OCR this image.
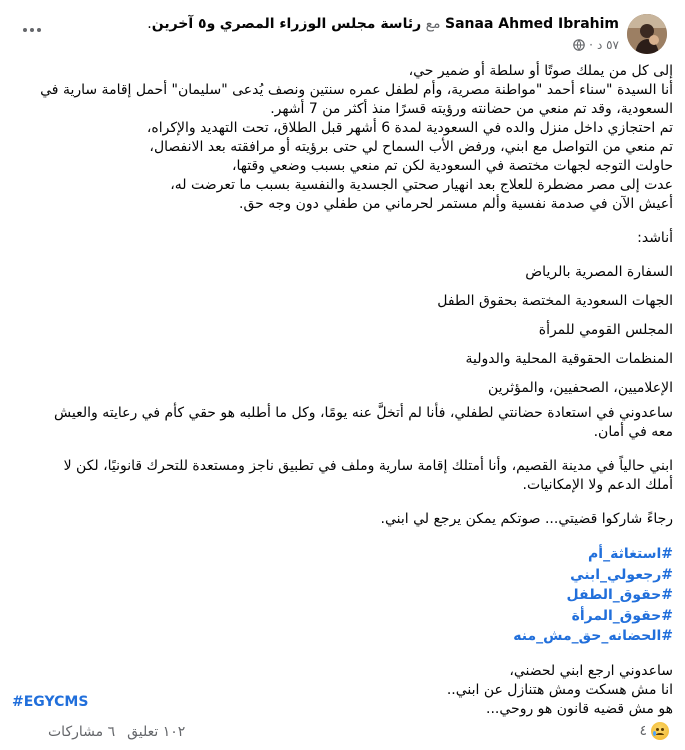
Sanaa Ahmed Ibrahim مع رئاسة مجلس الوزراء المصري و٥ آخرين.
٥٧ د
·
إلى كل من يملك صوتًا أو سلطة أو ضمير حي،
أنا السيدة "سناء أحمد "مواطنة مصرية، وأم لطفل عمره سنتين ونصف يُدعى "سليمان" أحمل إقامة سارية في
السعودية، وقد تم منعي من حضانته ورؤيته قسرًا منذ أكثر من 7 أشهر.
تم احتجازي داخل منزل والده في السعودية لمدة 6 أشهر قبل الطلاق، تحت التهديد والإكراه،
تم منعي من التواصل مع ابني، ورفض الأب السماح لي حتى برؤيته أو مرافقته بعد الانفصال،
حاولت التوجه لجهات مختصة في السعودية لكن تم منعي بسبب وضعي وقتها،
عدت إلى مصر مضطرة للعلاج بعد انهيار صحتي الجسدية والنفسية بسبب ما تعرضت له،
أعيش الآن في صدمة نفسية وألم مستمر لحرماني من طفلي دون وجه حق.
أناشد:
السفارة المصرية بالرياض
الجهات السعودية المختصة بحقوق الطفل
المجلس القومي للمرأة
المنظمات الحقوقية المحلية والدولية
الإعلاميين، الصحفيين، والمؤثرين
ساعدوني في استعادة حضانتي لطفلي، فأنا لم أتخلَّ عنه يومًا، وكل ما أطلبه هو حقي كأم في رعايته والعيش
معه في أمان.
ابني حالياً في مدينة القصيم، وأنا أمتلك إقامة سارية وملف في تطبيق ناجز ومستعدة للتحرك قانونيًا، لكن لا
أملك الدعم ولا الإمكانيات.
رجاءً شاركوا قضيتي... صوتكم يمكن يرجع لي ابني.
#استغاثة_أم
#رجعولي_ابني
#حقوق_الطفل
#حقوق_المرأة
#الحضانه_حق_مش_منه
ساعدوني ارجع ابني لحضني،
انا مش هسكت ومش هتنازل عن ابني..
هو مش قضيه قانون هو روحي...
#EGYCMS
٤
١٠٢ تعليق
٦ مشاركات
